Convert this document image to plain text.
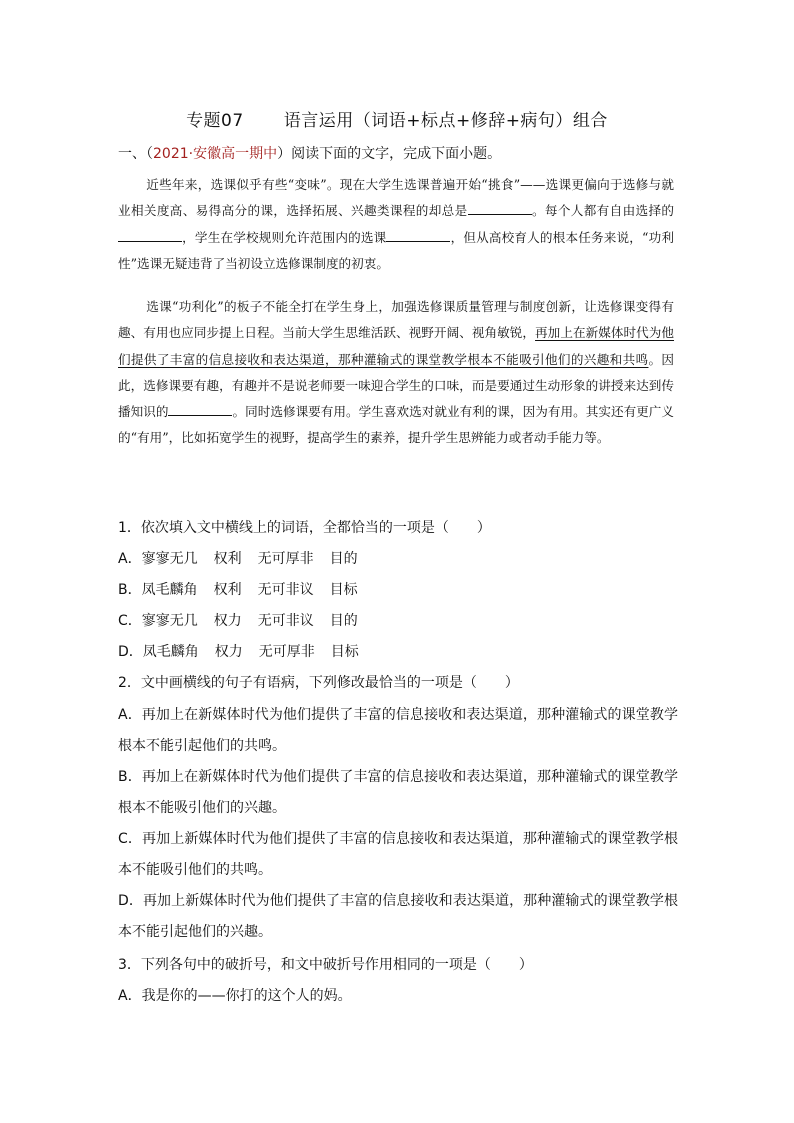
专题07 语言运用（词语+标点+修辞+病句）组合
一、（2021·安徽高一期中）阅读下面的文字，完成下面小题。
近些年来，选课似乎有些“变味”。现在大学生选课普遍开始“挑食”——选课更偏向于选修与就业相关度高、易得高分的课，选择拓展、兴趣类课程的却总是	。每个人都有自由选择的，学生在学校规则允许范围内的选课	，但从高校育人的根本任务来说，“功利性”选课无疑违背了当初设立选修课制度的初衷。
选课“功利化”的板子不能全打在学生身上，加强选修课质量管理与制度创新，让选修课变得有趣、有用也应同步提上日程。当前大学生思维活跃、视野开阔、视角敏锐，再加上在新媒体时代为他们提供了丰富的信息接收和表达渠道，那种灌输式的课堂教学根本不能吸引他们的兴趣和共鸣。因此，选修课要有趣，有趣并不是说老师要一味迎合学生的口味，而是要通过生动形象的讲授来达到传播知识的	。同时选修课要有用。学生喜欢选对就业有利的课，因为有用。其实还有更广义的“有用”，比如拓宽学生的视野，提高学生的素养，提升学生思辨能力或者动手能力等。
1．依次填入文中横线上的词语，全都恰当的一项是（　　）
A．寥寥无几 权利 无可厚非 目的
B．凤毛麟角 权利 无可非议 目标
C．寥寥无几 权力 无可非议 目的
D．凤毛麟角 权力 无可厚非 目标
2．文中画横线的句子有语病，下列修改最恰当的一项是（　　）
A．再加上在新媒体时代为他们提供了丰富的信息接收和表达渠道，那种灌输式的课堂教学根本不能引起他们的共鸣。
B．再加上在新媒体时代为他们提供了丰富的信息接收和表达渠道，那种灌输式的课堂教学根本不能吸引他们的兴趣。
C．再加上新媒体时代为他们提供了丰富的信息接收和表达渠道，那种灌输式的课堂教学根本不能吸引他们的共鸣。
D．再加上新媒体时代为他们提供了丰富的信息接收和表达渠道，那种灌输式的课堂教学根本不能引起他们的兴趣。
3．下列各句中的破折号，和文中破折号作用相同的一项是（　　）
A．我是你的——你打的这个人的妈。
